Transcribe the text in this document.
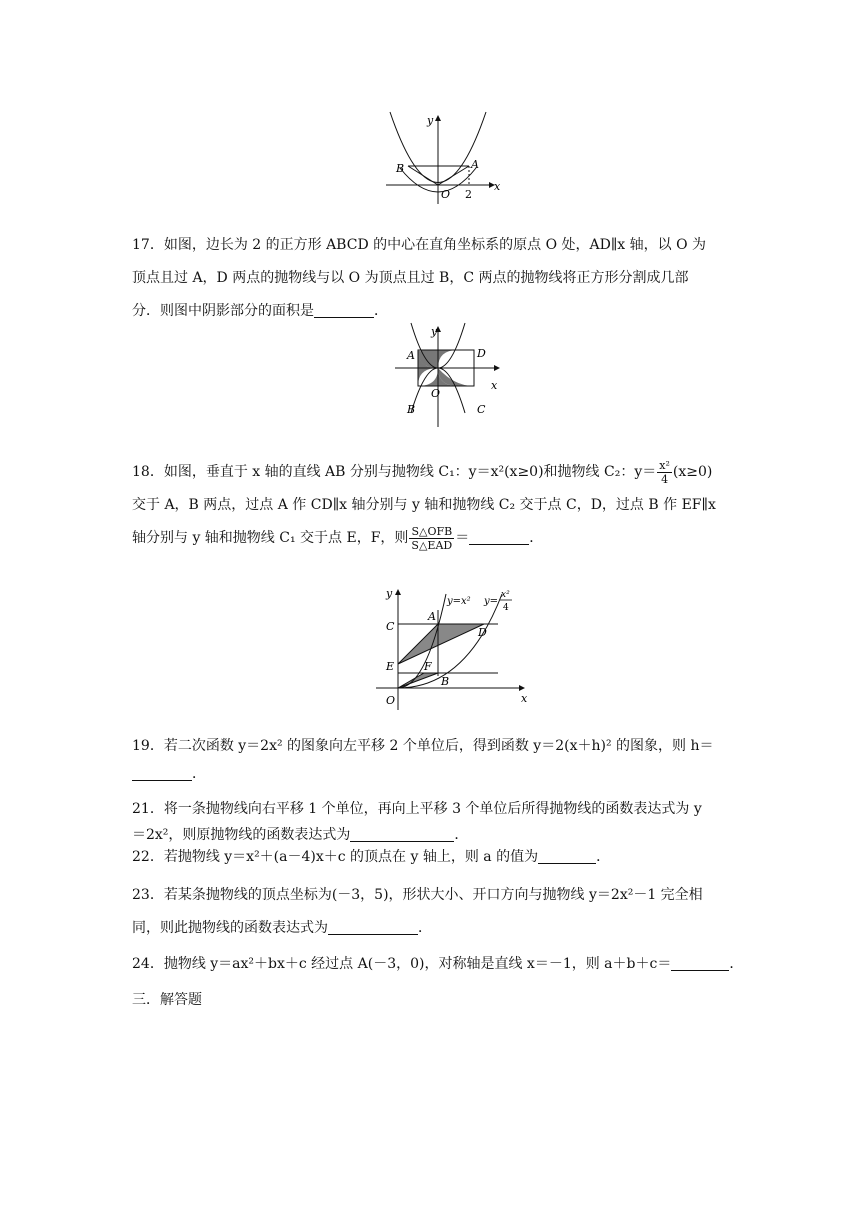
y
x
B	A
O 2

17．如图，边长为 2 的正方形 ABCD 的中心在直角坐标系的原点 O 处，AD∥x 轴，以 O 为

顶点且过 A，D 两点的抛物线与以 O 为顶点且过 B，C 两点的抛物线将正方形分割成几部

分．则图中阴影部分的面积是	．

y
x
A	D
B	C
O

18．如图，垂直于 x 轴的直线 AB 分别与抛物线 C₁：y＝x²(x≥0)和抛物线 C₂：$y= \frac{\text{x²}}{4} (x\ge 0)$

交于 A，B 两点，过点 A 作 CD∥x 轴分别与 y 轴和抛物线 C₂ 交于点 C，D，过点 B 作 EF∥x

轴分别与 y 轴和抛物线 C₁ 交于点 E，F，则 $\frac{\text{S△OFB}}{\text{S△EAD}}$ ＝	．

y
x
O
A
B
C	D
E	F
y=x² y=
x²
4

19．若二次函数 y＝2x² 的图象向左平移 2 个单位后，得到函数 y＝2(x＋h)² 的图象，则 h＝

．

21．将一条抛物线向右平移 1 个单位，再向上平移 3 个单位后所得抛物线的函数表达式为 y

＝2x²，则原抛物线的函数表达式为	．

22．若抛物线 y＝x²＋(a－4)x＋c 的顶点在 y 轴上，则 a 的值为	．

23．若某条抛物线的顶点坐标为(－3，5)，形状大小、开口方向与抛物线 y＝2x²－1 完全相

同，则此抛物线的函数表达式为	．

24．抛物线 y＝ax²＋bx＋c 经过点 A(－3，0)，对称轴是直线 x＝－1，则 a＋b＋c＝	．

三．解答题
